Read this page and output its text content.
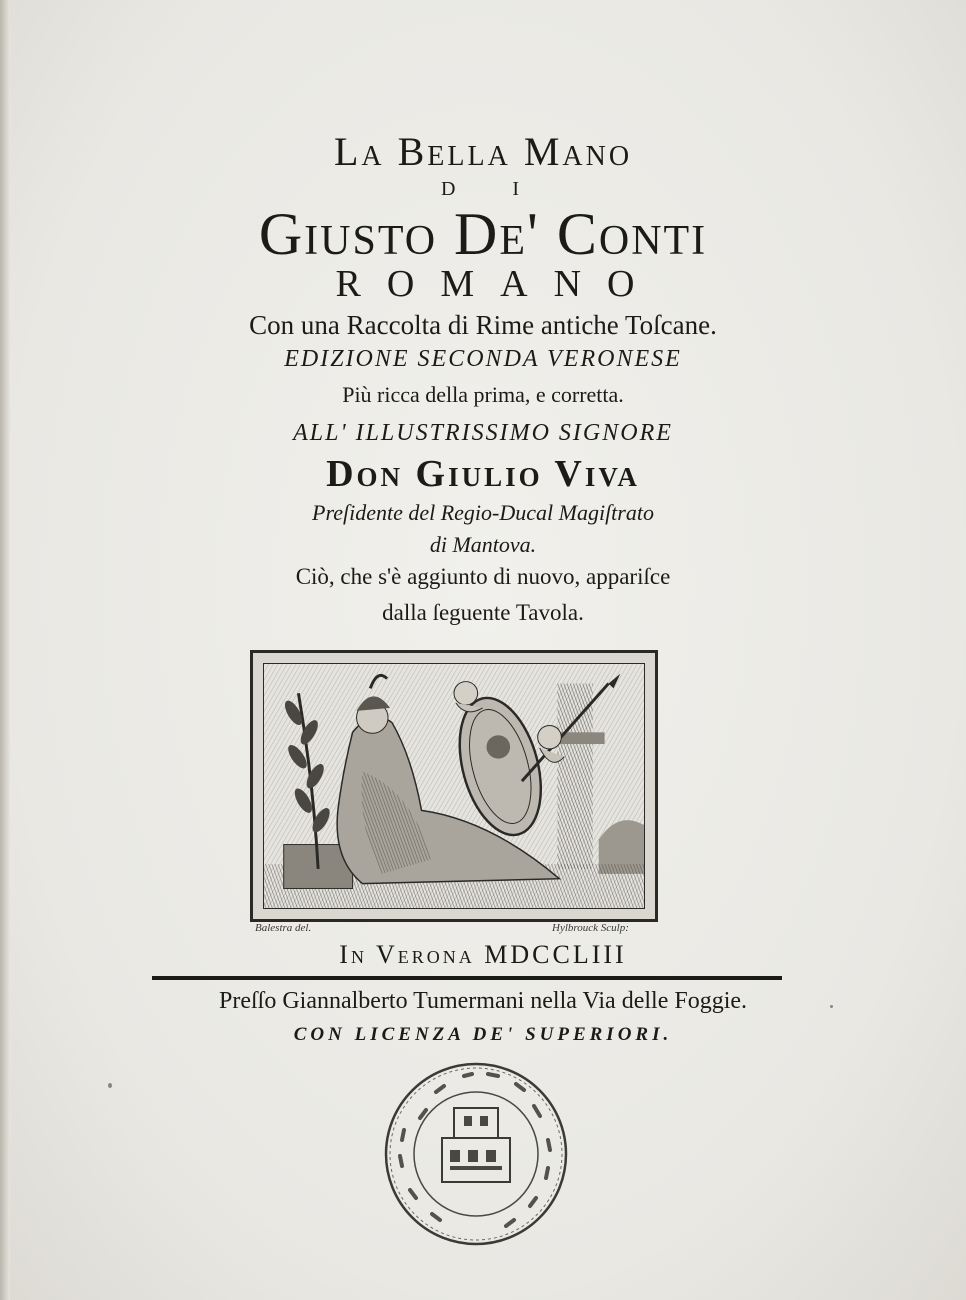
La Bella Mano
D I
Giusto De' Conti
ROMANO
Con una Raccolta di Rime antiche Toſcane.
EDIZIONE SECONDA VERONESE
Più ricca della prima, e corretta.
ALL' ILLUSTRISSIMO SIGNORE
Don Giulio Viva
Preſidente del Regio-Ducal Magiſtrato
di Mantova.
Ciò, che s'è aggiunto di nuovo, appariſce
dalla ſeguente Tavola.
Balestra del.	Hylbrouck Sculp:
In Verona MDCCLIII
Preſſo Giannalberto Tumermani nella Via delle Foggie.
CON LICENZA DE' SUPERIORI.
